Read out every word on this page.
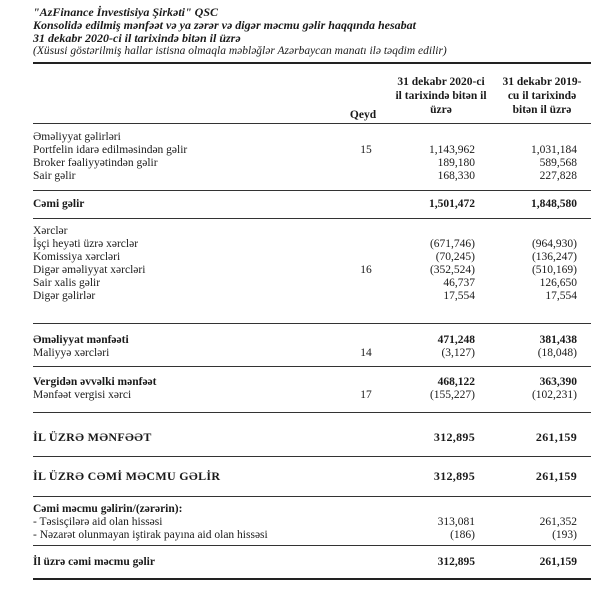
"AzFinance İnvestisiya Şirkəti" QSC
Konsolidə edilmiş mənfəət və ya zərər və digər məcmu gəlir haqqında hesabat
31 dekabr 2020-ci il tarixində bitən il üzrə
(Xüsusi göstərilmiş hallar istisna olmaqla məbləğlər Azərbaycan manatı ilə təqdim edilir)
Qeyd
31 dekabr 2020-ci
il tarixində bitən il
üzrə
31 dekabr 2019-
cu il tarixində
bitən il üzrə
Əməliyyat gəlirləri
Portfelin idarə edilməsindən gəlir	15	1,143,962	1,031,184
Broker fəaliyyətindən gəlir	189,180	589,568
Sair gəlir	168,330	227,828
Cəmi gəlir	1,501,472	1,848,580
Xərclər
İşçi heyəti üzrə xərclər	(671,746)	(964,930)
Komissiya xərcləri	(70,245)	(136,247)
Digər əməliyyat xərcləri	16	(352,524)	(510,169)
Sair xalis gəlir	46,737	126,650
Digər gəlirlər	17,554	17,554
Əməliyyat mənfəəti	471,248	381,438
Maliyyə xərcləri	14	(3,127)	(18,048)
Vergidən əvvəlki mənfəət	468,122	363,390
Mənfəət vergisi xərci	17	(155,227)	(102,231)
İL ÜZRƏ MƏNFƏƏT	312,895	261,159
İL ÜZRƏ CƏMİ MƏCMU GƏLİR	312,895	261,159
Cəmi məcmu gəlirin/(zərərin):
- Təsisçilərə aid olan hissəsi	313,081	261,352
- Nəzarət olunmayan iştirak payına aid olan hissəsi	(186)	(193)
İl üzrə cəmi məcmu gəlir	312,895	261,159
